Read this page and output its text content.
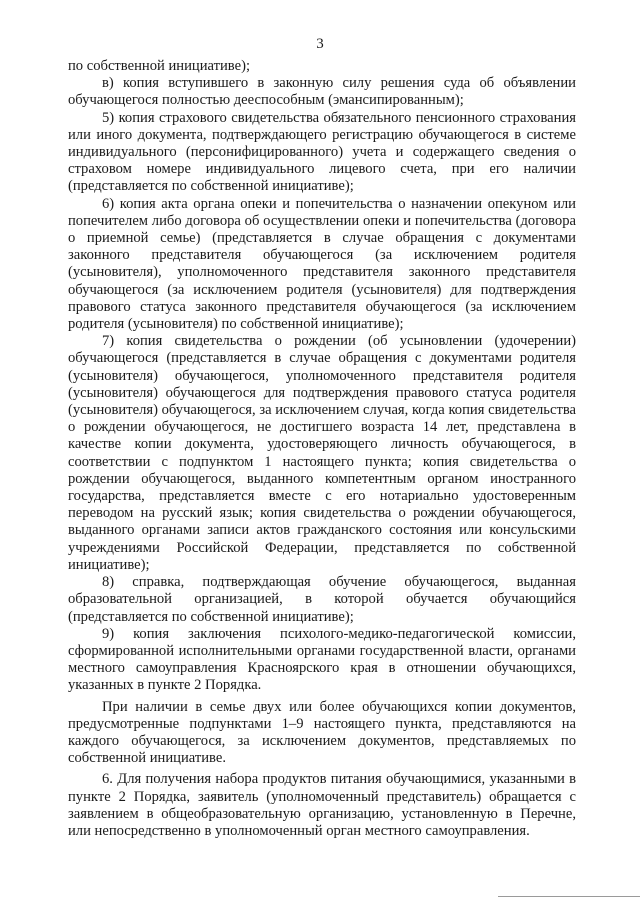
3

по собственной инициативе);

в) копия вступившего в законную силу решения суда об объявлении обучающегося полностью дееспособным (эмансипированным);

5) копия страхового свидетельства обязательного пенсионного страхования или иного документа, подтверждающего регистрацию обучающегося в системе индивидуального (персонифицированного) учета и содержащего сведения о страховом номере индивидуального лицевого счета, при его наличии (представляется по собственной инициативе);

6) копия акта органа опеки и попечительства о назначении опекуном или попечителем либо договора об осуществлении опеки и попечительства (договора о приемной семье) (представляется в случае обращения с документами законного представителя обучающегося (за исключением родителя (усыновителя), уполномоченного представителя законного представителя обучающегося (за исключением родителя (усыновителя) для подтверждения правового статуса законного представителя обучающегося (за исключением родителя (усыновителя) по собственной инициативе);

7) копия свидетельства о рождении (об усыновлении (удочерении) обучающегося (представляется в случае обращения с документами родителя (усыновителя) обучающегося, уполномоченного представителя родителя (усыновителя) обучающегося для подтверждения правового статуса родителя (усыновителя) обучающегося, за исключением случая, когда копия свидетельства о рождении обучающегося, не достигшего возраста 14 лет, представлена в качестве копии документа, удостоверяющего личность обучающегося, в соответствии с подпунктом 1 настоящего пункта; копия свидетельства о рождении обучающегося, выданного компетентным органом иностранного государства, представляется вместе с его нотариально удостоверенным переводом на русский язык; копия свидетельства о рождении обучающегося, выданного органами записи актов гражданского состояния или консульскими учреждениями Российской Федерации, представляется по собственной инициативе);

8) справка, подтверждающая обучение обучающегося, выданная образовательной организацией, в которой обучается обучающийся (представляется по собственной инициативе);

9) копия заключения психолого-медико-педагогической комиссии, сформированной исполнительными органами государственной власти, органами местного самоуправления Красноярского края в отношении обучающихся, указанных в пункте 2 Порядка.

При наличии в семье двух или более обучающихся копии документов, предусмотренные подпунктами 1–9 настоящего пункта, представляются на каждого обучающегося, за исключением документов, представляемых по собственной инициативе.

6. Для получения набора продуктов питания обучающимися, указанными в пункте 2 Порядка, заявитель (уполномоченный представитель) обращается с заявлением в общеобразовательную организацию, установленную в Перечне, или непосредственно в уполномоченный орган местного самоуправления.
